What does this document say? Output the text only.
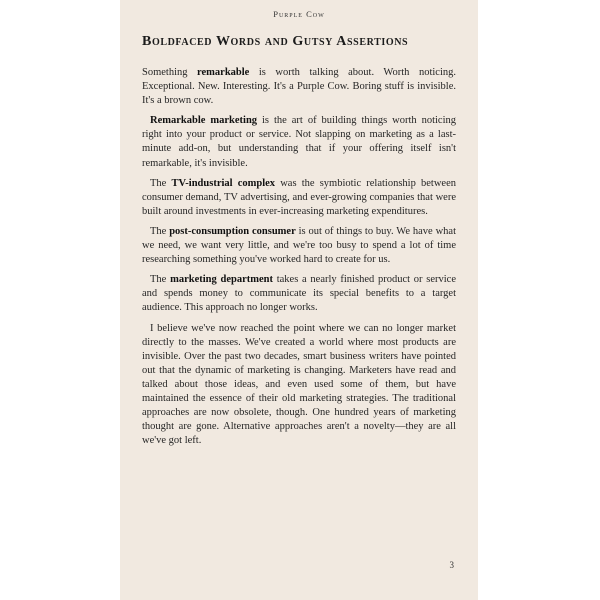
Purple Cow
Boldfaced Words and Gutsy Assertions

Something remarkable is worth talking about. Worth noticing. Exceptional. New. Interesting. It's a Purple Cow. Boring stuff is invisible. It's a brown cow.

Remarkable marketing is the art of building things worth noticing right into your product or service. Not slapping on marketing as a last-minute add-on, but understanding that if your offering itself isn't remarkable, it's invisible.

The TV-industrial complex was the symbiotic relationship between consumer demand, TV advertising, and ever-growing companies that were built around investments in ever-increasing marketing expenditures.

The post-consumption consumer is out of things to buy. We have what we need, we want very little, and we're too busy to spend a lot of time researching something you've worked hard to create for us.

The marketing department takes a nearly finished product or service and spends money to communicate its special benefits to a target audience. This approach no longer works.

I believe we've now reached the point where we can no longer market directly to the masses. We've created a world where most products are invisible. Over the past two decades, smart business writers have pointed out that the dynamic of marketing is changing. Marketers have read and talked about those ideas, and even used some of them, but have maintained the essence of their old marketing strategies. The traditional approaches are now obsolete, though. One hundred years of marketing thought are gone. Alternative approaches aren't a novelty—they are all we've got left.

3
